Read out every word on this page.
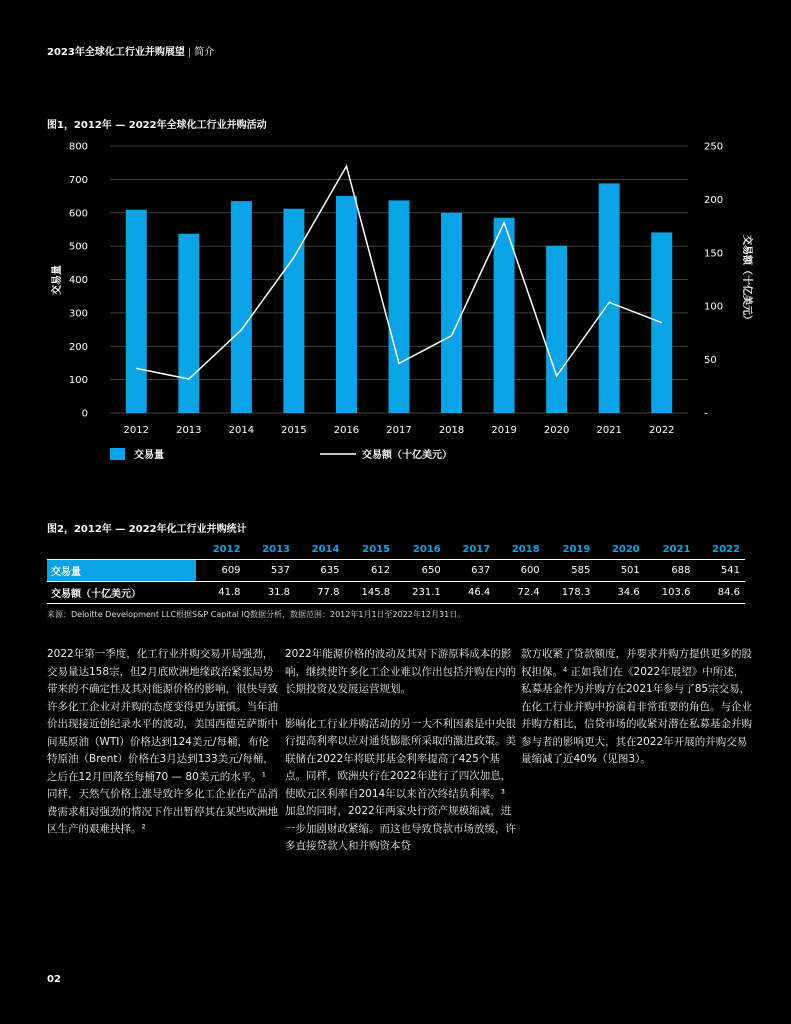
2023年全球化工行业并购展望 | 简介
图1，2012年 — 2022年全球化工行业并购活动
0
100
200
300
400
500
600
700
800
-
50
100
150
200
250
2012	2013	2014	2015	2016	2017	2018	2019	2020	2021	2022
交易量	交易额（十亿美元）
交易量	交易额（十亿美元）
图2，2012年 — 2022年化工行业并购统计
	2012	2013	2014	2015	2016	2017	2018	2019	2020	2021	2022
交易量	609	537	635	612	650	637	600	585	501	688	541
交易额（十亿美元）	41.8	31.8	77.8	145.8	231.1	46.4	72.4	178.3	34.6	103.6	84.6
来源：Deloitte Development LLC根据S&P Capital IQ数据分析，数据范围：2012年1月1日至2022年12月31日。

2022年第一季度，化工行业并购交易开局强劲，交易量达158宗，但2月底欧洲地缘政治紧张局势带来的不确定性及其对能源价格的影响，很快导致许多化工企业对并购的态度变得更为谨慎。当年油价出现接近创纪录水平的波动，美国西德克萨斯中间基原油（WTI）价格达到124美元/每桶，布伦特原油（Brent）价格在3月达到133美元/每桶，之后在12月回落至每桶70 — 80美元的水平。¹ 同样，天然气价格上涨导致许多化工企业在产品消费需求相对强劲的情况下作出暂停其在某些欧洲地区生产的艰难抉择。²

2022年能源价格的波动及其对下游原料成本的影响，继续使许多化工企业难以作出包括并购在内的长期投资及发展运营规划。

影响化工行业并购活动的另一大不利因素是中央银行提高利率以应对通货膨胀所采取的激进政策。美联储在2022年将联邦基金利率提高了425个基点。同样，欧洲央行在2022年进行了四次加息，使欧元区利率自2014年以来首次终结负利率。³ 加息的同时，2022年两家央行资产规模缩减，进一步加剧财政紧缩。而这也导致贷款市场放缓，许多直接贷款人和并购资本贷

款方收紧了贷款额度，并要求并购方提供更多的股权担保。⁴ 正如我们在《2022年展望》中所述，私募基金作为并购方在2021年参与了85宗交易，在化工行业并购中扮演着非常重要的角色。与企业并购方相比，信贷市场的收紧对潜在私募基金并购参与者的影响更大，其在2022年开展的并购交易量缩减了近40%（见图3）。

02
